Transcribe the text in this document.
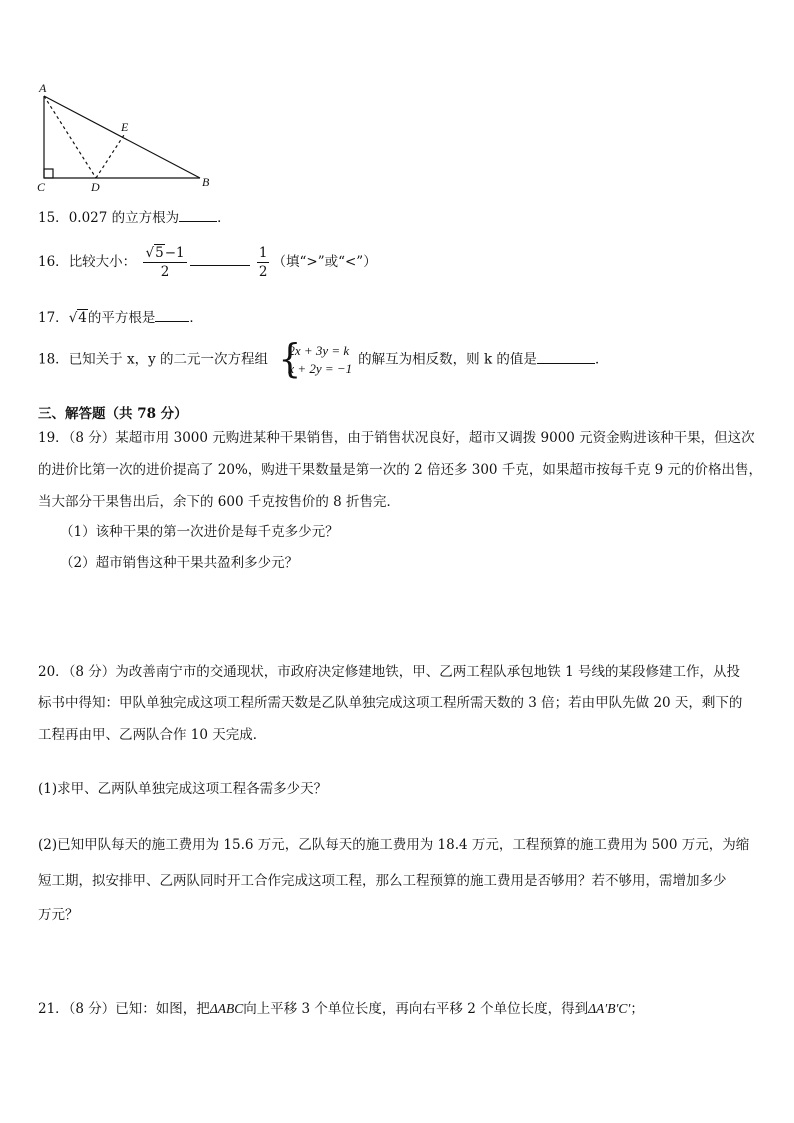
A
E
C	D	B
15．0.027 的立方根为	．
16．比较大小： $\frac{√5-1}{2}$
	$\frac{1}{2}$ （填“>”或“<”）
17．√4的平方根是	．
18．已知关于 x，y 的二元一次方程组 {
2x + 3y = k
x + 2y = −1
的解互为相反数，则 k 的值是	．
三、解答题（共 78 分）
19．（8 分）某超市用 3000 元购进某种干果销售，由于销售状况良好，超市又调拨 9000 元资金购进该种干果，但这次
的进价比第一次的进价提高了 20%，购进干果数量是第一次的 2 倍还多 300 千克，如果超市按每千克 9 元的价格出售，
当大部分干果售出后，余下的 600 千克按售价的 8 折售完．
（1）该种干果的第一次进价是每千克多少元？
（2）超市销售这种干果共盈利多少元？
20．（8 分）为改善南宁市的交通现状，市政府决定修建地铁，甲、乙两工程队承包地铁 1 号线的某段修建工作，从投
标书中得知：甲队单独完成这项工程所需天数是乙队单独完成这项工程所需天数的 3 倍；若由甲队先做 20 天，剩下的
工程再由甲、乙两队合作 10 天完成．
(1)求甲、乙两队单独完成这项工程各需多少天？
(2)已知甲队每天的施工费用为 15.6 万元，乙队每天的施工费用为 18.4 万元，工程预算的施工费用为 500 万元，为缩
短工期，拟安排甲、乙两队同时开工合作完成这项工程，那么工程预算的施工费用是否够用？若不够用，需增加多少
万元？
21．（8 分）已知：如图，把ΔABC向上平移 3 个单位长度，再向右平移 2 个单位长度，得到ΔA′B′C′；
